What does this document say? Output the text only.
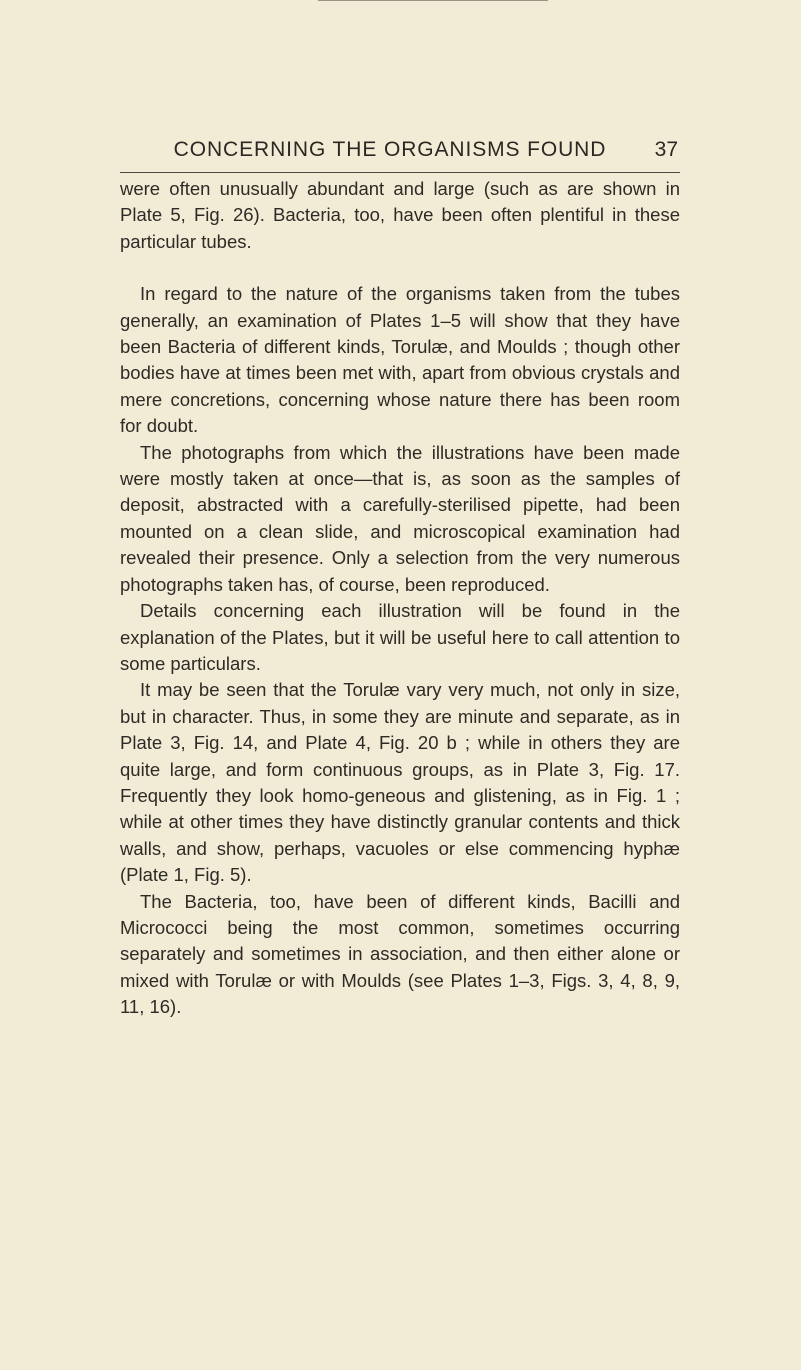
CONCERNING THE ORGANISMS FOUND	37

were often unusually abundant and large (such as are shown in Plate 5, Fig. 26). Bacteria, too, have been often plentiful in these particular tubes.

In regard to the nature of the organisms taken from the tubes generally, an examination of Plates 1–5 will show that they have been Bacteria of different kinds, Torulæ, and Moulds ; though other bodies have at times been met with, apart from obvious crystals and mere concretions, concerning whose nature there has been room for doubt.

The photographs from which the illustrations have been made were mostly taken at once—that is, as soon as the samples of deposit, abstracted with a carefully-sterilised pipette, had been mounted on a clean slide, and microscopical examination had revealed their presence. Only a selection from the very numerous photographs taken has, of course, been reproduced.

Details concerning each illustration will be found in the explanation of the Plates, but it will be useful here to call attention to some particulars.

It may be seen that the Torulæ vary very much, not only in size, but in character. Thus, in some they are minute and separate, as in Plate 3, Fig. 14, and Plate 4, Fig. 20 b ; while in others they are quite large, and form continuous groups, as in Plate 3, Fig. 17. Frequently they look homo-geneous and glistening, as in Fig. 1 ; while at other times they have distinctly granular contents and thick walls, and show, perhaps, vacuoles or else commencing hyphæ (Plate 1, Fig. 5).

The Bacteria, too, have been of different kinds, Bacilli and Micrococci being the most common, sometimes occurring separately and sometimes in association, and then either alone or mixed with Torulæ or with Moulds (see Plates 1–3, Figs. 3, 4, 8, 9, 11, 16).
